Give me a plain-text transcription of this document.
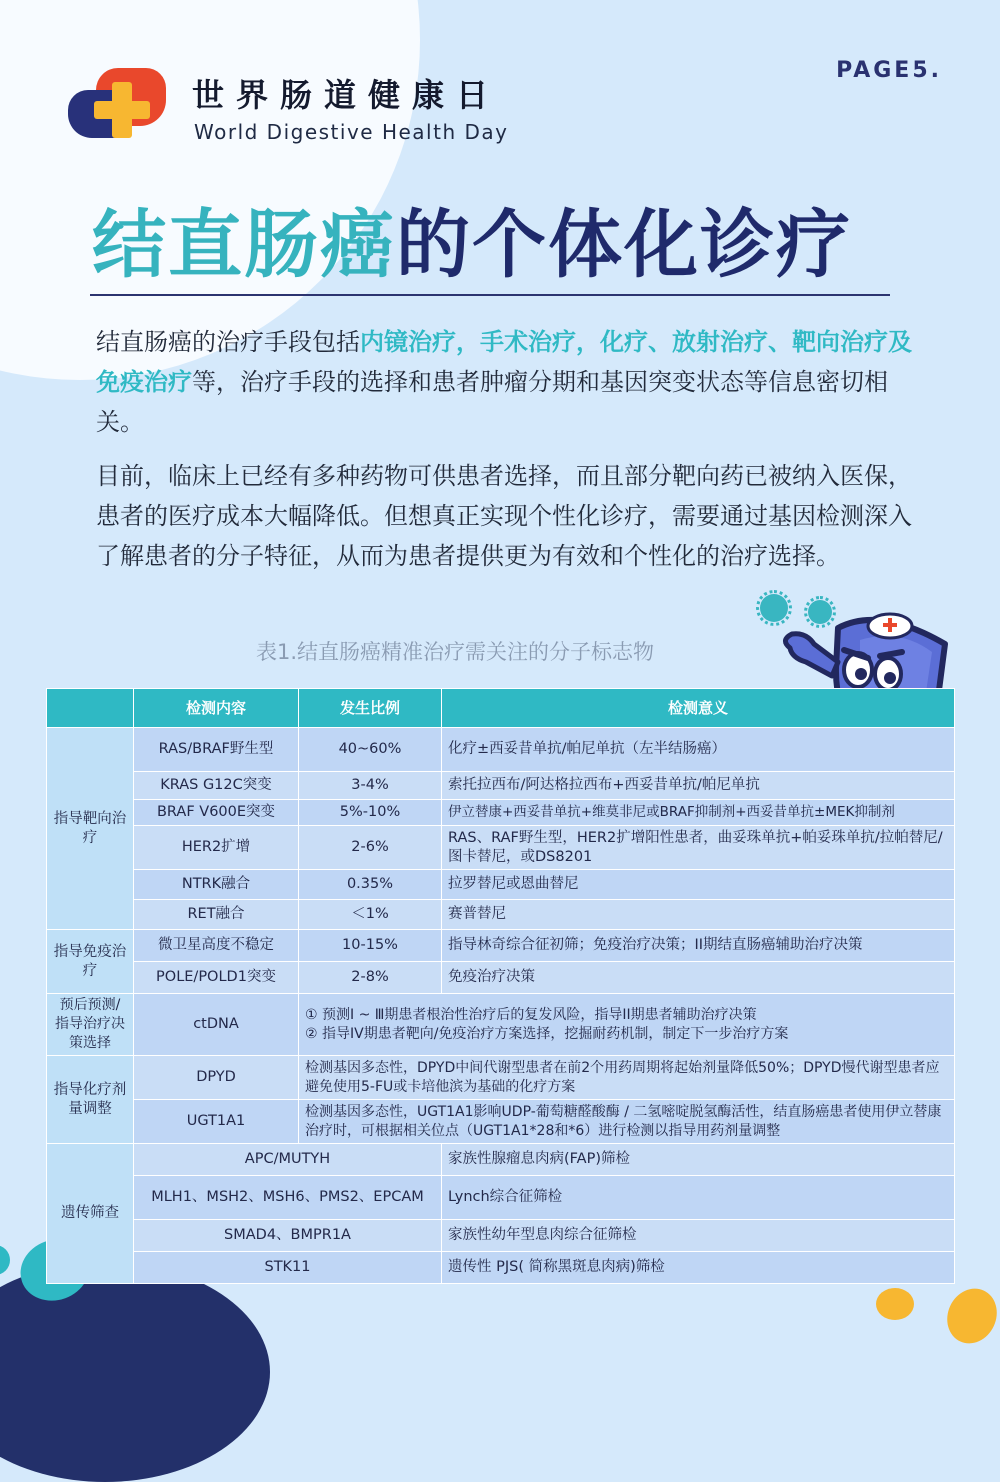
世界肠道健康日
World Digestive Health Day
PAGE5.
结直肠癌的个体化诊疗
结直肠癌的治疗手段包括内镜治疗，手术治疗，化疗、放射治疗、靶向治疗及免疫治疗等，治疗手段的选择和患者肿瘤分期和基因突变状态等信息密切相关。
目前，临床上已经有多种药物可供患者选择，而且部分靶向药已被纳入医保，患者的医疗成本大幅降低。但想真正实现个性化诊疗，需要通过基因检测深入了解患者的分子特征，从而为患者提供更为有效和个性化的治疗选择。
表1.结直肠癌精准治疗需关注的分子标志物
	检测内容	发生比例	检测意义
指导靶向治疗	RAS/BRAF野生型	40~60%	化疗±西妥昔单抗/帕尼单抗（左半结肠癌）
	KRAS G12C突变	3-4%	索托拉西布/阿达格拉西布+西妥昔单抗/帕尼单抗
	BRAF V600E突变	5%-10%	伊立替康+西妥昔单抗+维莫非尼或BRAF抑制剂+西妥昔单抗±MEK抑制剂
	HER2扩增	2-6%	RAS、RAF野生型，HER2扩增阳性患者，曲妥珠单抗+帕妥珠单抗/拉帕替尼/图卡替尼，或DS8201
	NTRK融合	0.35%	拉罗替尼或恩曲替尼
	RET融合	＜1%	赛普替尼
指导免疫治疗	微卫星高度不稳定	10-15%	指导林奇综合征初筛；免疫治疗决策；II期结直肠癌辅助治疗决策
	POLE/POLD1突变	2-8%	免疫治疗决策
预后预测/指导治疗决策选择	ctDNA	① 预测Ⅰ ~ Ⅲ期患者根治性治疗后的复发风险，指导II期患者辅助治疗决策
② 指导IV期患者靶向/免疫治疗方案选择，挖掘耐药机制，制定下一步治疗方案	

指导化疗剂量调整	DPYD	检测基因多态性，DPYD中间代谢型患者在前2个用药周期将起始剂量降低50%；DPYD慢代谢型患者应避免使用5-FU或卡培他滨为基础的化疗方案	
	UGT1A1	检测基因多态性，UGT1A1影响UDP-葡萄糖醛酸酶 / 二氢嘧啶脱氢酶活性，结直肠癌患者使用伊立替康治疗时，可根据相关位点（UGT1A1*28和*6）进行检测以指导用药剂量调整	
遗传筛查	APC/MUTYH		家族性腺瘤息肉病(FAP)筛检
	MLH1、MSH2、MSH6、PMS2、EPCAM		Lynch综合征筛检
	SMAD4、BMPR1A		家族性幼年型息肉综合征筛检
	STK11		遗传性 PJS( 简称黑斑息肉病)筛检
